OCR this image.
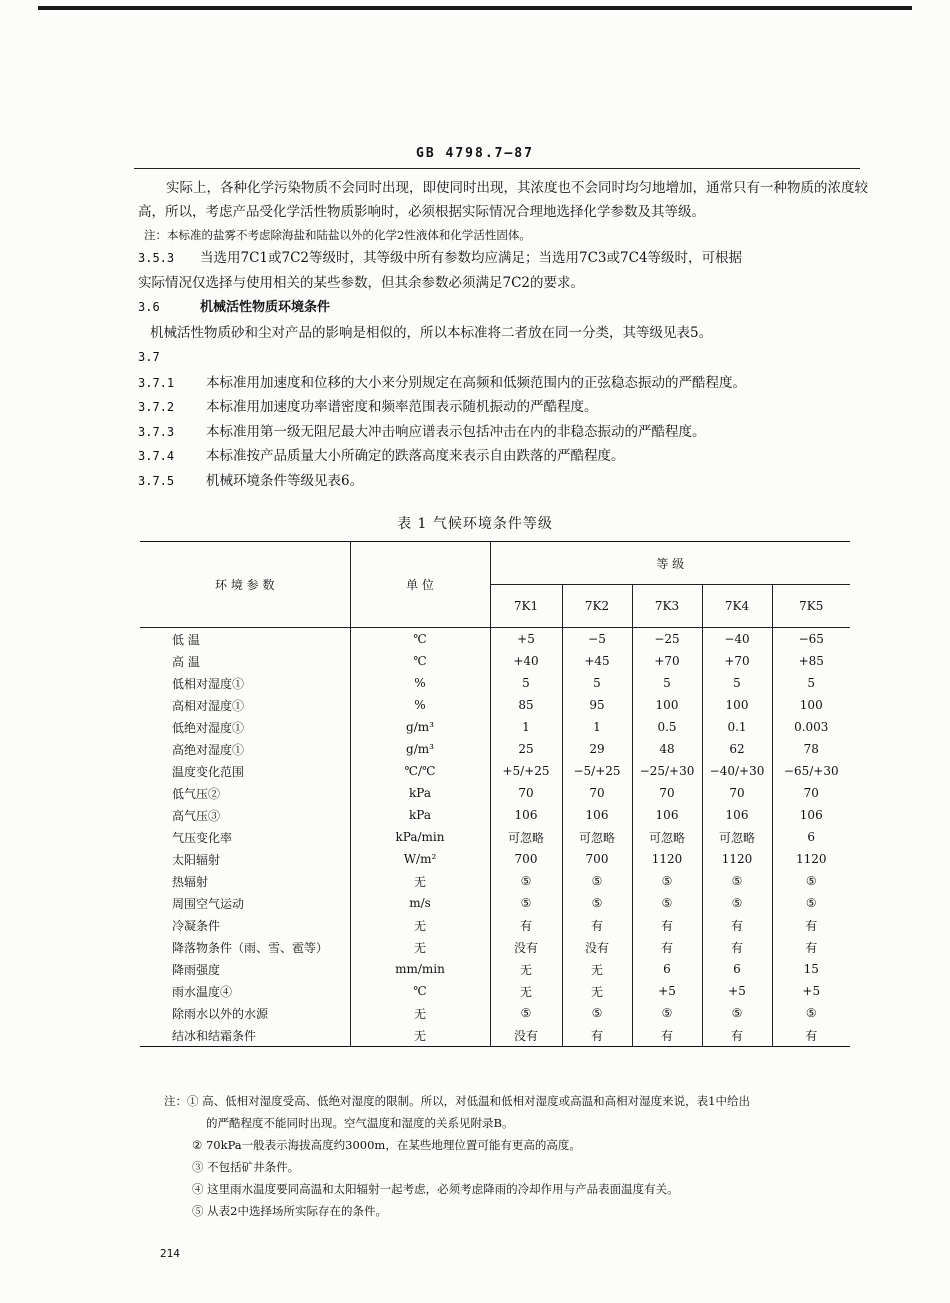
GB 4798.7—87

实际上，各种化学污染物质不会同时出现，即使同时出现，其浓度也不会同时均匀地增加，通常只有一种物质的浓度较高，所以，考虑产品受化学活性物质影响时，必须根据实际情况合理地选择化学参数及其等级。

注：本标准的盐雾不考虑除海盐和陆盐以外的化学2性液体和化学活性固体。

3.5.3 当选用7C1或7C2等级时，其等级中所有参数均应满足；当选用7C3或7C4等级时，可根据

实际情况仅选择与使用相关的某些参数，但其余参数必须满足7C2的要求。

3.6	机械活性物质环境条件

机械活性物质砂和尘对产品的影响是相似的，所以本标准将二者放在同一分类，其等级见表5。

3.7

3.7.1 本标准用加速度和位移的大小来分别规定在高频和低频范围内的正弦稳态振动的严酷程度。

3.7.2 本标准用加速度功率谱密度和频率范围表示随机振动的严酷程度。

3.7.3 本标准用第一级无阻尼最大冲击响应谱表示包括冲击在内的非稳态振动的严酷程度。

3.7.4 本标准按产品质量大小所确定的跌落高度来表示自由跌落的严酷程度。

3.7.5 机械环境条件等级见表6。

表 1 气候环境条件等级
环 境 参 数	单 位	等 级				
		7K1	7K2	7K3	7K4	7K5
低 温	℃	+5	−5	−25	−40	−65
高 温	℃	+40	+45	+70	+70	+85
低相对湿度①	%	5	5	5	5	5
高相对湿度①	%	85	95	100	100	100
低绝对湿度①	g/m³	1	1	0.5	0.1	0.003
高绝对湿度①	g/m³	25	29	48	62	78
温度变化范围	℃/℃	+5/+25	−5/+25	−25/+30	−40/+30	−65/+30
低气压②	kPa	70	70	70	70	70
高气压③	kPa	106	106	106	106	106
气压变化率	kPa/min	可忽略	可忽略	可忽略	可忽略	6
太阳辐射	W/m²	700	700	1120	1120	1120
热辐射	无	⑤	⑤	⑤	⑤	⑤
周围空气运动	m/s	⑤	⑤	⑤	⑤	⑤
冷凝条件	无	有	有	有	有	有
降落物条件（雨、雪、雹等）	无	没有	没有	有	有	有
降雨强度	mm/min	无	无	6	6	15
雨水温度④	℃	无	无	+5	+5	+5
除雨水以外的水源	无	⑤	⑤	⑤	⑤	⑤
结冰和结霜条件	无	没有	有	有	有	有

注：① 高、低相对湿度受高、低绝对湿度的限制。所以，对低温和低相对湿度或高温和高相对湿度来说，表1中给出

的严酷程度不能同时出现。空气温度和湿度的关系见附录B。

② 70kPa一般表示海拔高度约3000m，在某些地理位置可能有更高的高度。

③ 不包括矿井条件。

④ 这里雨水温度要同高温和太阳辐射一起考虑，必须考虑降雨的冷却作用与产品表面温度有关。

⑤ 从表2中选择场所实际存在的条件。

214
